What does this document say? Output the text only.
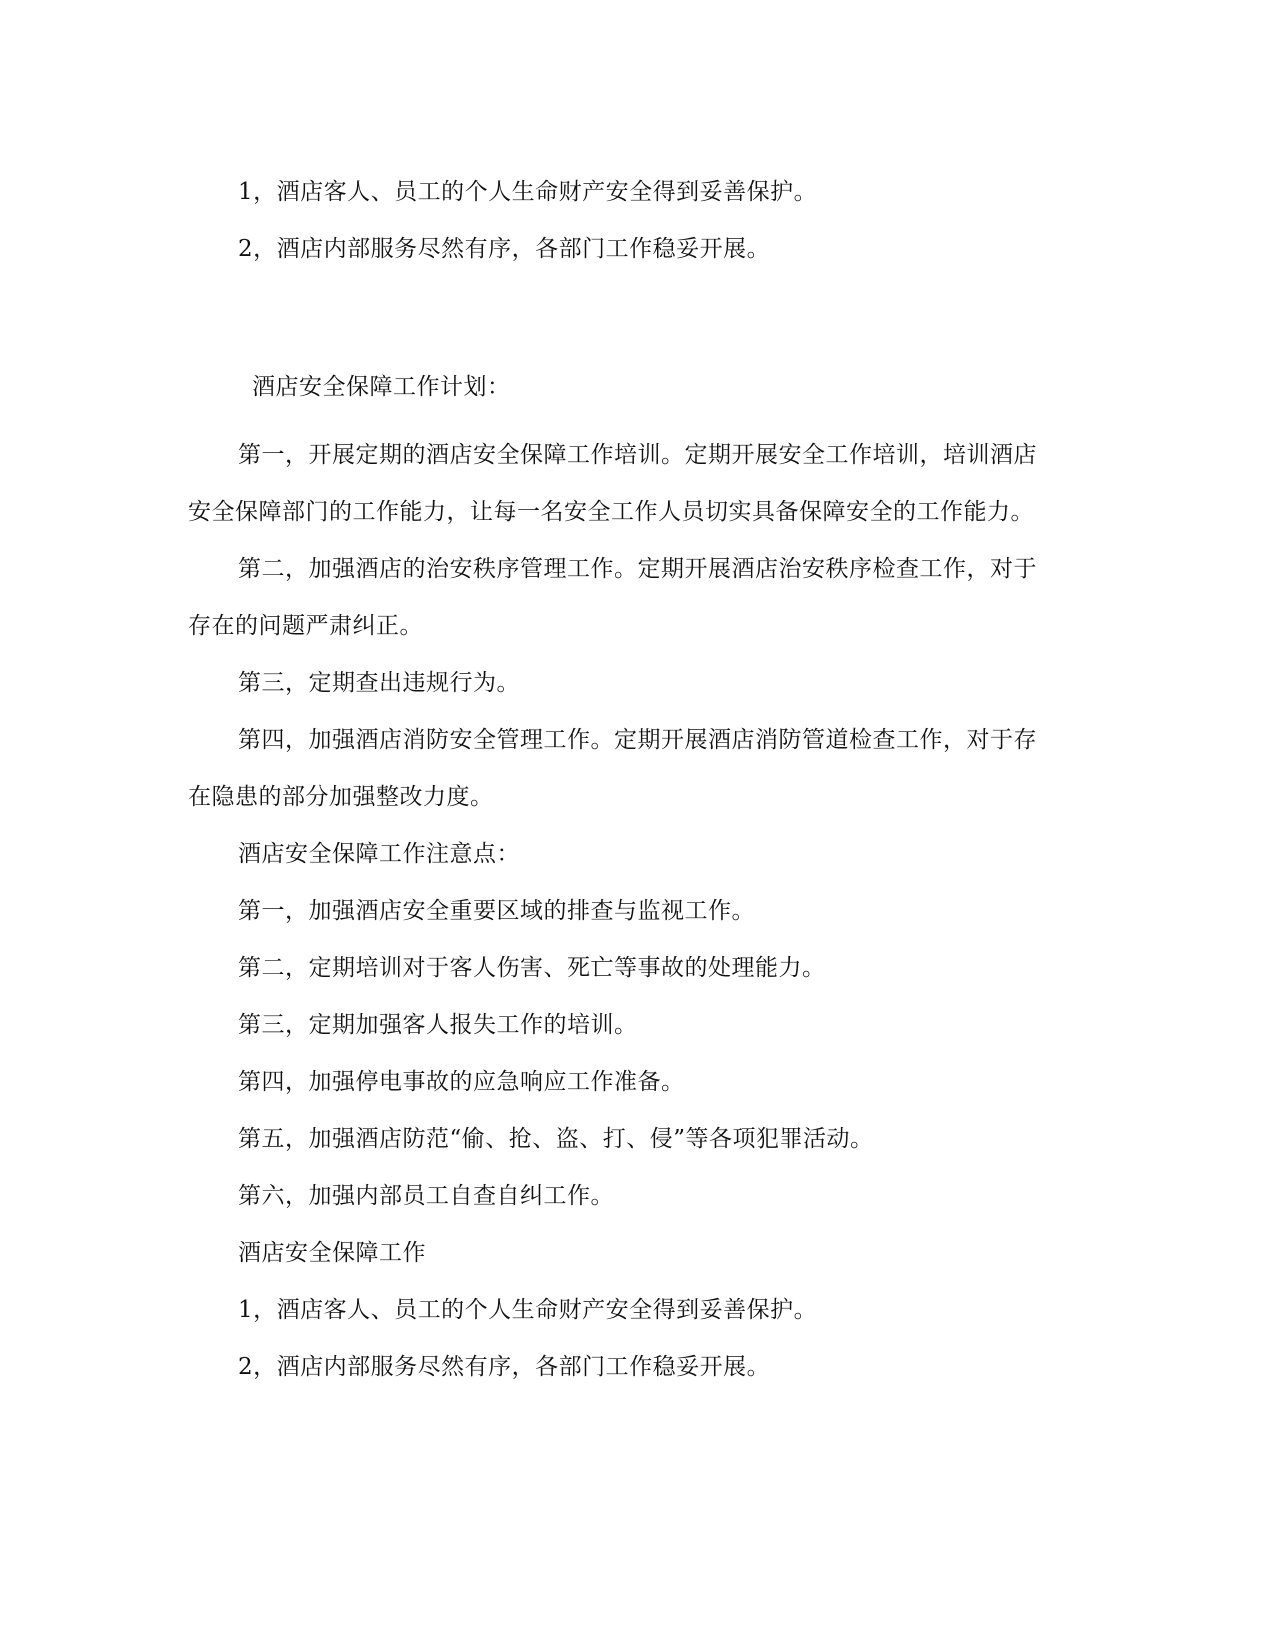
1，酒店客人、员工的个人生命财产安全得到妥善保护。
2，酒店内部服务尽然有序，各部门工作稳妥开展。
酒店安全保障工作计划：
第一，开展定期的酒店安全保障工作培训。定期开展安全工作培训，培训酒店
安全保障部门的工作能力，让每一名安全工作人员切实具备保障安全的工作能力。
第二，加强酒店的治安秩序管理工作。定期开展酒店治安秩序检查工作，对于
存在的问题严肃纠正。
第三，定期查出违规行为。
第四，加强酒店消防安全管理工作。定期开展酒店消防管道检查工作，对于存
在隐患的部分加强整改力度。
酒店安全保障工作注意点：
第一，加强酒店安全重要区域的排查与监视工作。
第二，定期培训对于客人伤害、死亡等事故的处理能力。
第三，定期加强客人报失工作的培训。
第四，加强停电事故的应急响应工作准备。
第五，加强酒店防范“偷、抢、盗、打、侵”等各项犯罪活动。
第六，加强内部员工自查自纠工作。
酒店安全保障工作
1，酒店客人、员工的个人生命财产安全得到妥善保护。
2，酒店内部服务尽然有序，各部门工作稳妥开展。
